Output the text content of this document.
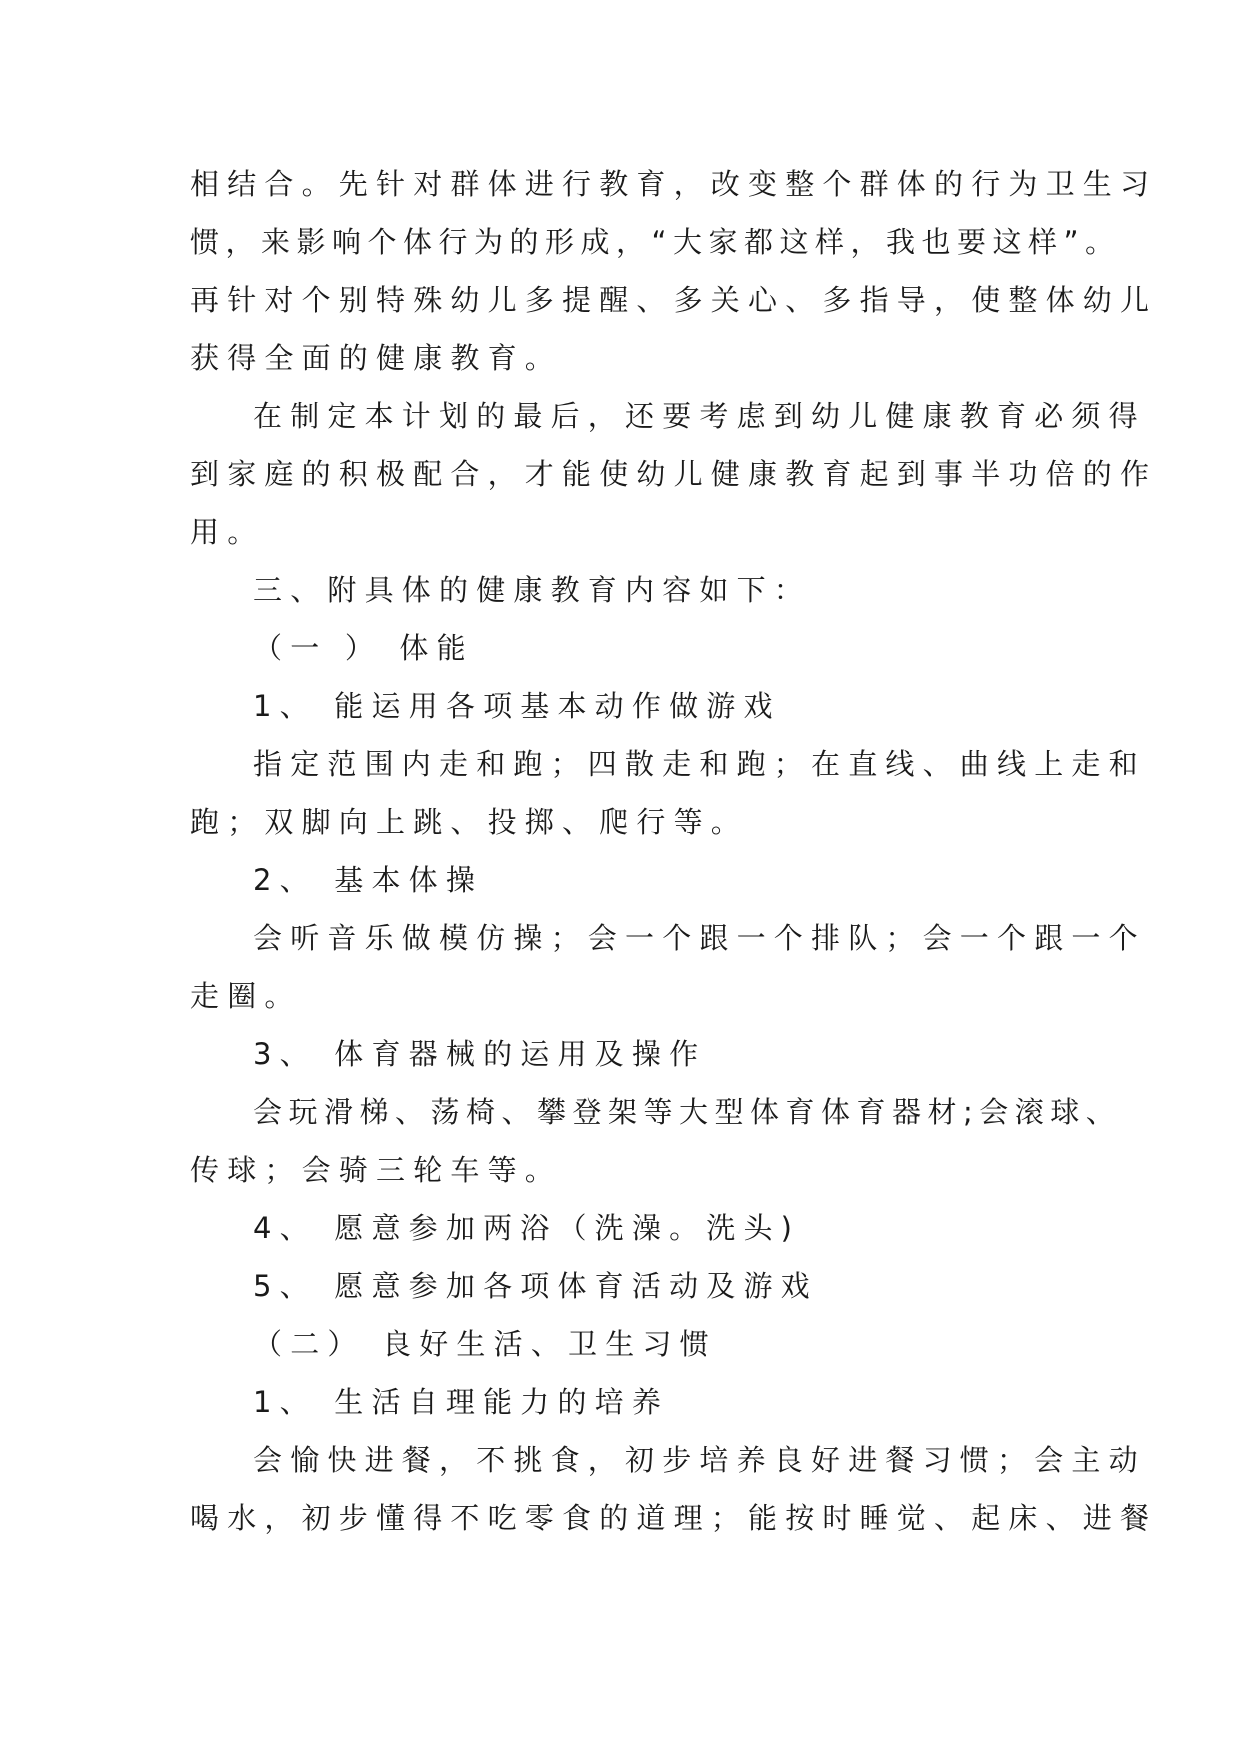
相结合。先针对群体进行教育，改变整个群体的行为卫生习
惯，来影响个体行为的形成，“大家都这样，我也要这样”。
再针对个别特殊幼儿多提醒、多关心、多指导，使整体幼儿
获得全面的健康教育。
在制定本计划的最后，还要考虑到幼儿健康教育必须得
到家庭的积极配合，才能使幼儿健康教育起到事半功倍的作
用。
三、附具体的健康教育内容如下：
（一 ） 体能
1、 能运用各项基本动作做游戏
指定范围内走和跑；四散走和跑；在直线、曲线上走和
跑；双脚向上跳、投掷、爬行等。
2、 基本体操
会听音乐做模仿操；会一个跟一个排队；会一个跟一个
走圈。
3、 体育器械的运用及操作
会玩滑梯、荡椅、攀登架等大型体育体育器材;会滚球、
传球；会骑三轮车等。
4、 愿意参加两浴（洗澡。洗头)
5、 愿意参加各项体育活动及游戏
（二） 良好生活、卫生习惯
1、 生活自理能力的培养
会愉快进餐，不挑食，初步培养良好进餐习惯；会主动
喝水，初步懂得不吃零食的道理；能按时睡觉、起床、进餐
